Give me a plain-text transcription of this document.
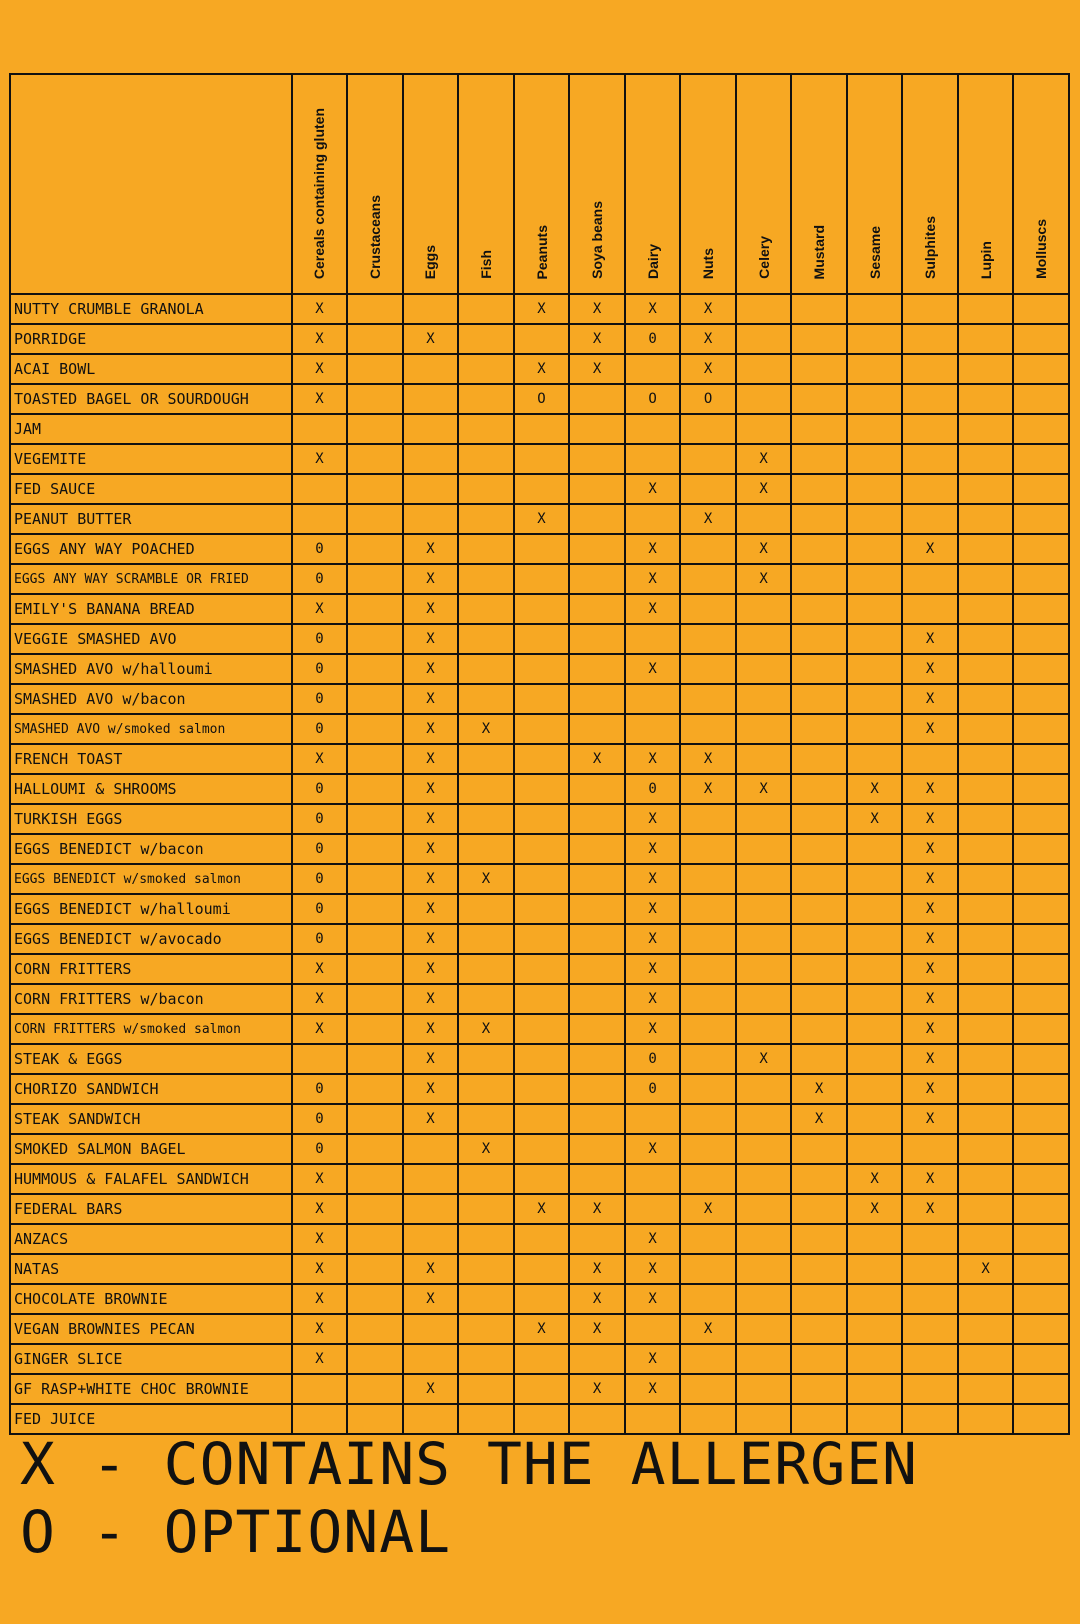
	Cereals containing gluten	Crustaceans	Eggs	Fish	Peanuts	Soya beans	Dairy	Nuts	Celery	Mustard	Sesame	Sulphites	Lupin	Molluscs
NUTTY CRUMBLE GRANOLA	X				X	X	X	X						
PORRIDGE	X		X			X	0	X						
ACAI BOWL	X				X	X		X						
TOASTED BAGEL OR SOURDOUGH	X				O		O	O						
JAM														
VEGEMITE	X								X					
FED SAUCE							X		X					
PEANUT BUTTER					X			X						
EGGS ANY WAY POACHED	0		X				X		X			X		
EGGS ANY WAY SCRAMBLE OR FRIED	0		X				X		X					
EMILY'S BANANA BREAD	X		X				X							
VEGGIE SMASHED AVO	0		X									X		
SMASHED AVO w/halloumi	0		X				X					X		
SMASHED AVO w/bacon	0		X									X		
SMASHED AVO w/smoked salmon	0		X	X								X		
FRENCH TOAST	X		X			X	X	X						
HALLOUMI & SHROOMS	0		X				0	X	X		X	X		
TURKISH EGGS	0		X				X				X	X		
EGGS BENEDICT w/bacon	0		X				X					X		
EGGS BENEDICT w/smoked salmon	0		X	X			X					X		
EGGS BENEDICT w/halloumi	0		X				X					X		
EGGS BENEDICT w/avocado	0		X				X					X		
CORN FRITTERS	X		X				X					X		
CORN FRITTERS w/bacon	X		X				X					X		
CORN FRITTERS w/smoked salmon	X		X	X			X					X		
STEAK & EGGS			X				0		X			X		
CHORIZO SANDWICH	0		X				0			X		X		
STEAK SANDWICH	0		X							X		X		
SMOKED SALMON BAGEL	0			X			X							
HUMMOUS & FALAFEL SANDWICH	X										X	X		
FEDERAL BARS	X				X	X		X			X	X		
ANZACS	X						X							
NATAS	X		X			X	X						X	
CHOCOLATE BROWNIE	X		X			X	X							
VEGAN BROWNIES PECAN	X				X	X		X						
GINGER SLICE	X						X							
GF RASP+WHITE CHOC BROWNIE			X			X	X							
FED JUICE														
X - CONTAINS THE ALLERGEN
O - OPTIONAL
